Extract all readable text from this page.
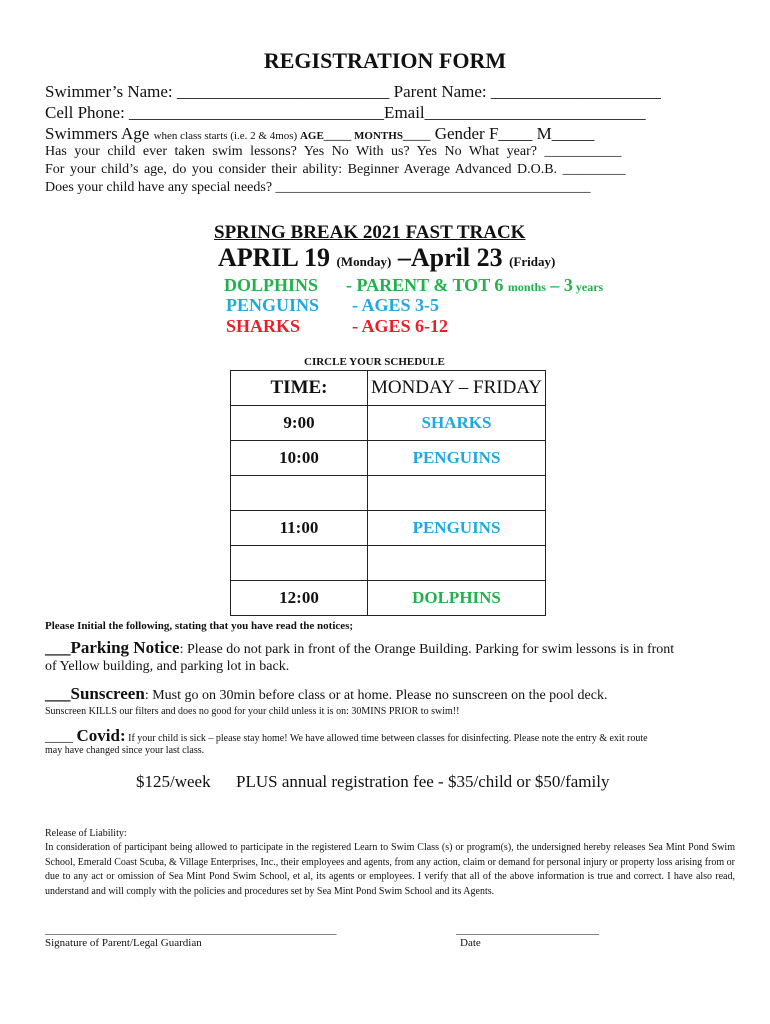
REGISTRATION FORM
Swimmer’s Name: _________________________ Parent Name: ____________________
Cell Phone: ______________________________Email__________________________
Swimmers Age when class starts (i.e. 2 & 4mos) AGE_____ MONTHS_____ Gender F____ M_____
Has your child ever taken swim lessons? Yes No With us? Yes No What year? ___________
For your child’s age, do you consider their ability: Beginner Average Advanced D.O.B. _________
Does your child have any special needs? _____________________________________________
SPRING BREAK 2021 FAST TRACK
APRIL 19 (Monday) –April 23 (Friday)
DOLPHINS - PARENT & TOT 6 months – 3 years
PENGUINS - AGES 3-5
SHARKS	- AGES 6-12
CIRCLE YOUR SCHEDULE
TIME:	MONDAY – FRIDAY
9:00	SHARKS
10:00	PENGUINS

11:00	PENGUINS

12:00	DOLPHINS
Please Initial the following, stating that you have read the notices;
___Parking Notice: Please do not park in front of the Orange Building. Parking for swim lessons is in front
of Yellow building, and parking lot in back.
___Sunscreen: Must go on 30min before class or at home. Please no sunscreen on the pool deck.
Sunscreen KILLS our filters and does no good for your child unless it is on: 30MINS PRIOR to swim!!
____ Covid: If your child is sick – please stay home! We have allowed time between classes for disinfecting. Please note the entry & exit route
may have changed since your last class.
$125/week PLUS annual registration fee - $35/child or $50/family
Release of Liability:
In consideration of participant being allowed to participate in the registered Learn to Swim Class (s) or program(s), the undersigned hereby releases Sea Mint Pond Swim School, Emerald Coast Scuba, & Village Enterprises, Inc., their employees and agents, from any action, claim or demand for personal injury or property loss arising from or due to any act or omission of Sea Mint Pond Swim School, et al, its agents or employees. I verify that all of the above information is true and correct. I have also read, understand and will comply with the policies and procedures set by Sea Mint Pond Swim School and its Agents.
_____________________________________________________
Signature of Parent/Legal Guardian
__________________________
Date
